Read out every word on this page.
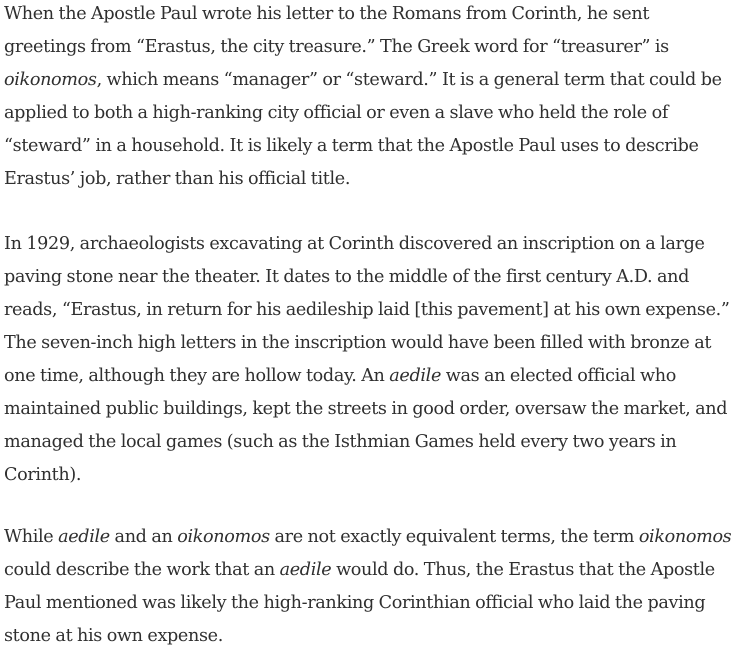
When the Apostle Paul wrote his letter to the Romans from Corinth, he sent
greetings from “Erastus, the city treasure.” The Greek word for “treasurer” is
oikonomos, which means “manager” or “steward.” It is a general term that could be
applied to both a high-ranking city official or even a slave who held the role of
“steward” in a household. It is likely a term that the Apostle Paul uses to describe
Erastus’ job, rather than his official title.

In 1929, archaeologists excavating at Corinth discovered an inscription on a large
paving stone near the theater. It dates to the middle of the first century A.D. and
reads, “Erastus, in return for his aedileship laid [this pavement] at his own expense.”
The seven-inch high letters in the inscription would have been filled with bronze at
one time, although they are hollow today. An aedile was an elected official who
maintained public buildings, kept the streets in good order, oversaw the market, and
managed the local games (such as the Isthmian Games held every two years in
Corinth).

While aedile and an oikonomos are not exactly equivalent terms, the term oikonomos
could describe the work that an aedile would do. Thus, the Erastus that the Apostle
Paul mentioned was likely the high-ranking Corinthian official who laid the paving
stone at his own expense.
